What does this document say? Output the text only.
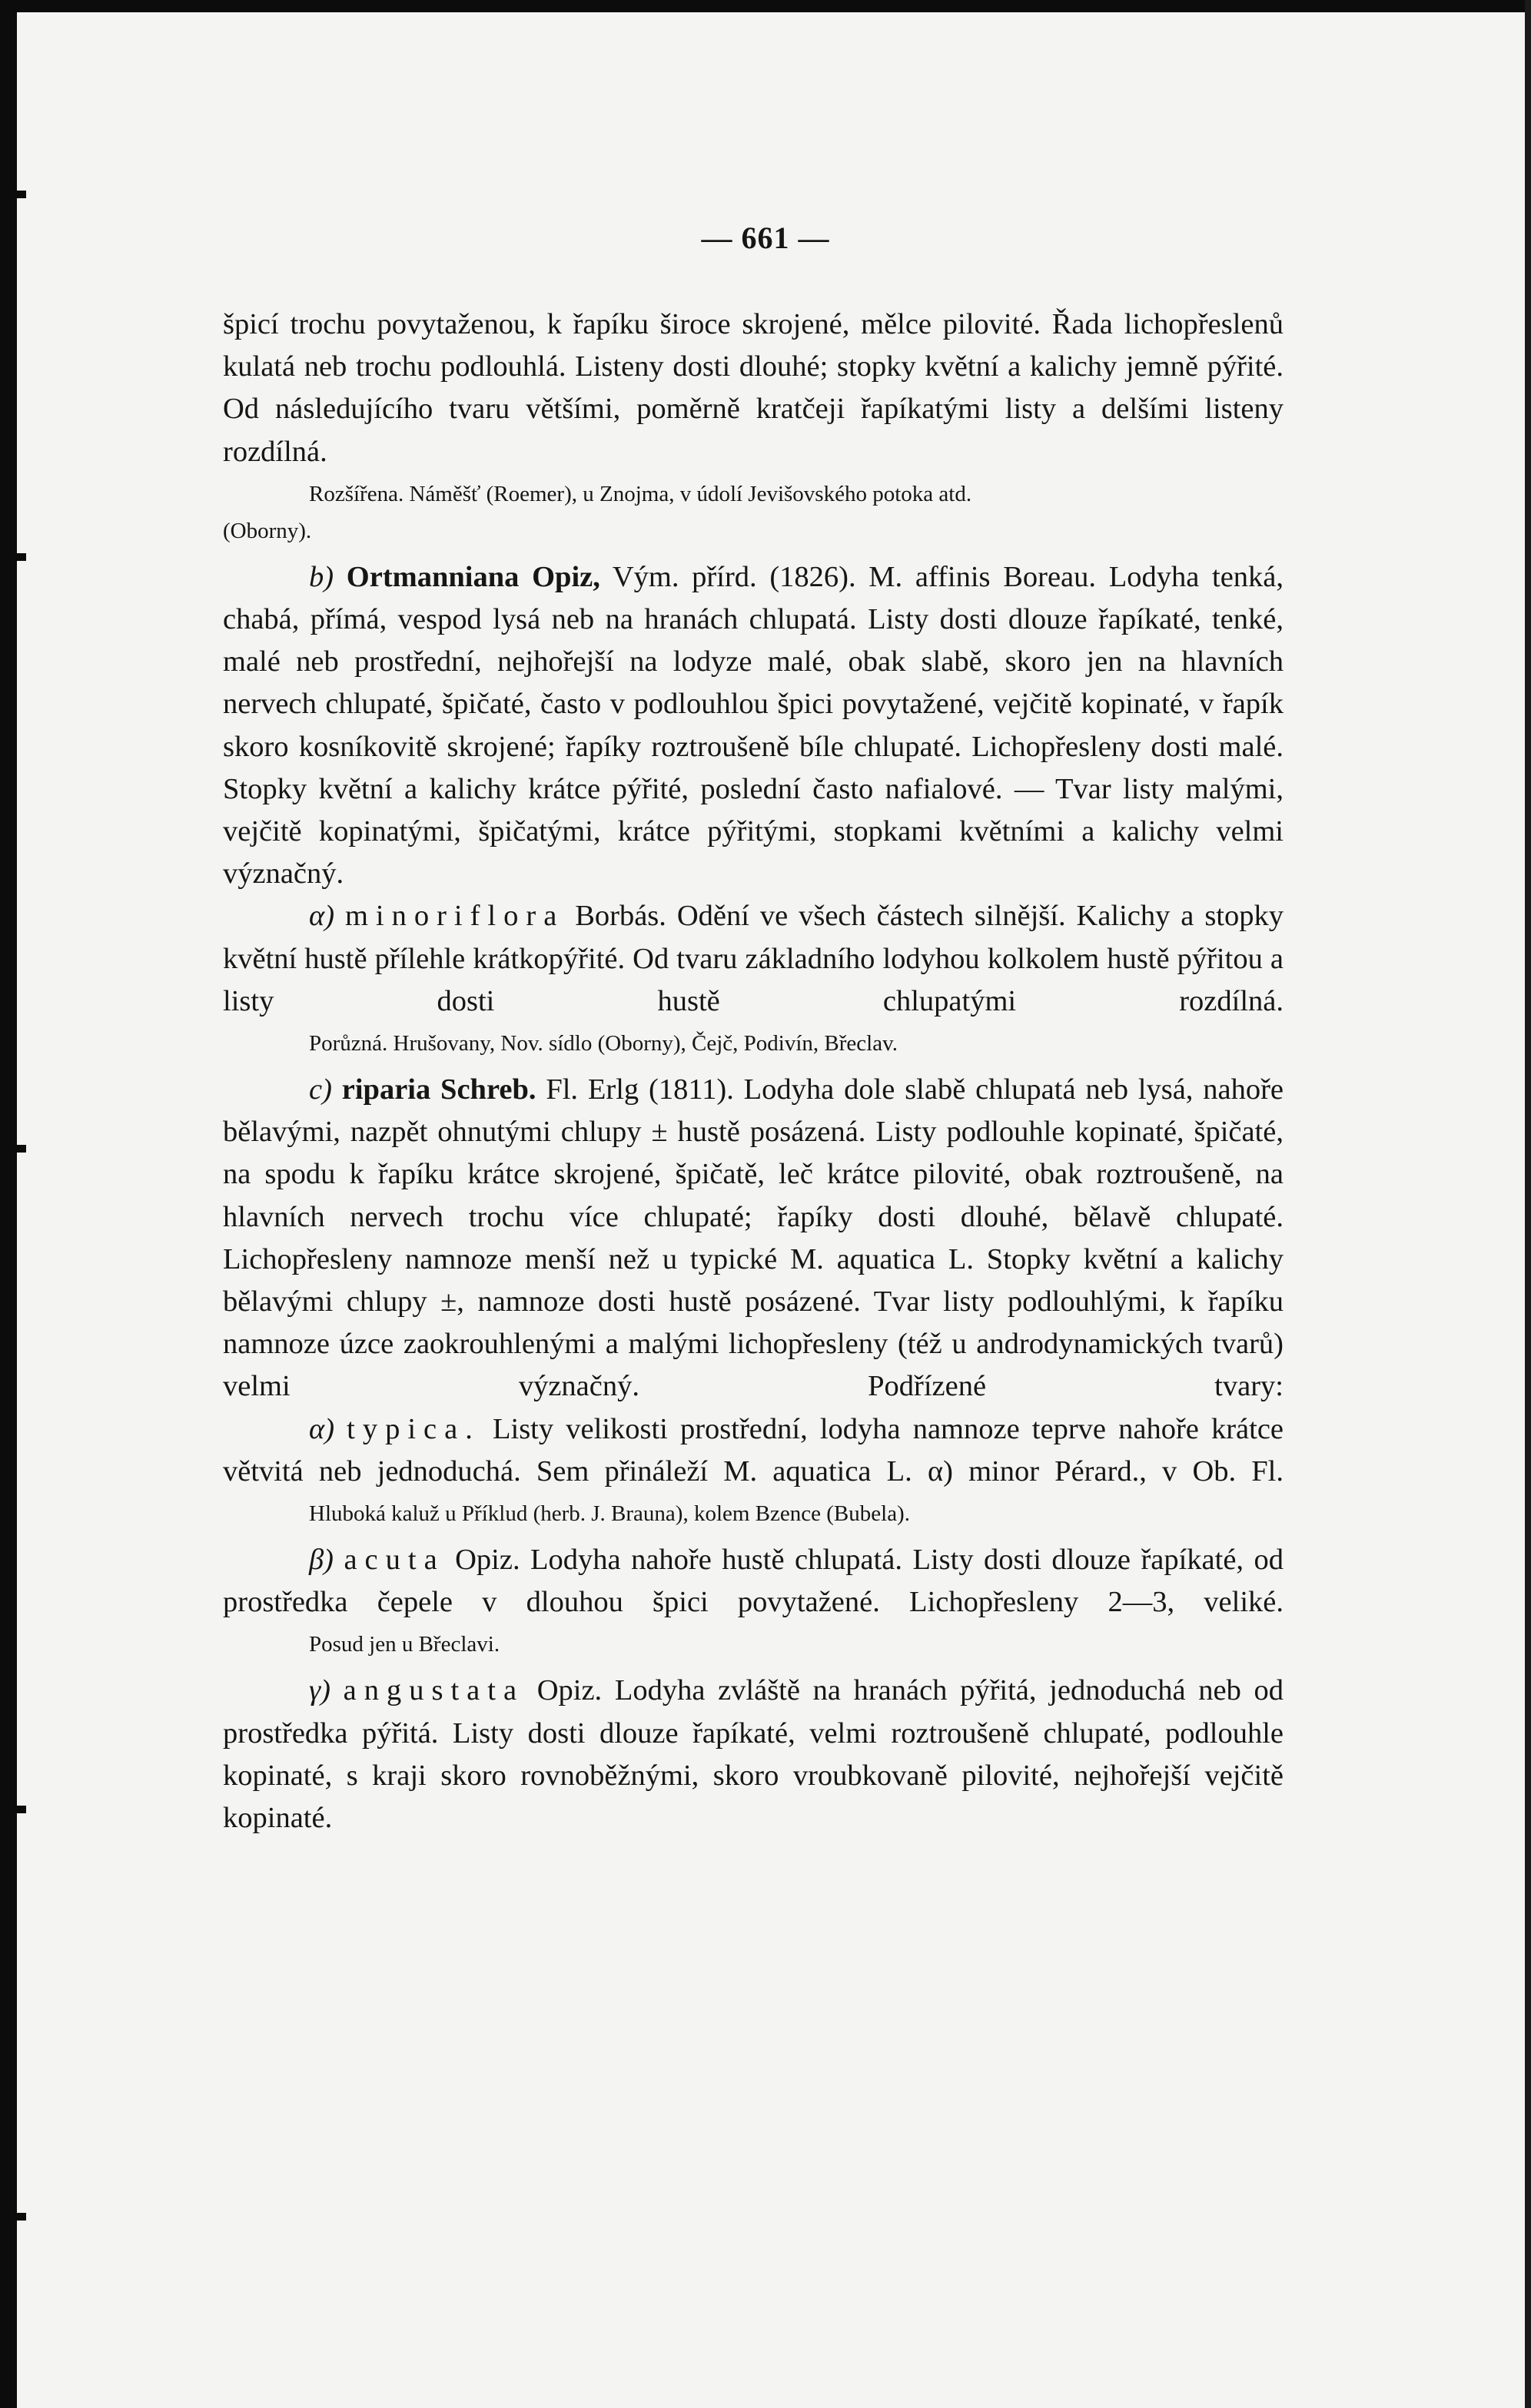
— 661 —

špicí trochu povytaženou, k řapíku široce skrojené, mělce pilovité. Řada lichopřeslenů kulatá neb trochu podlouhlá. Listeny dosti dlouhé; stopky květní a kalichy jemně pýřité. Od následujícího tvaru většími, poměrně kratčeji řapíkatými listy a delšími listeny rozdílná.

Rozšířena. Náměšť (Roemer), u Znojma, v údolí Jevišovského potoka atd.

(Oborny).

b) Ortmanniana Opiz, Vým. přírd. (1826). M. affinis Boreau. Lodyha tenká, chabá, přímá, vespod lysá neb na hranách chlupatá. Listy dosti dlouze řapíkaté, tenké, malé neb prostřední, nejhořejší na lodyze malé, obak slabě, skoro jen na hlavních nervech chlupaté, špičaté, často v podlouhlou špici povytažené, vejčitě kopinaté, v řapík skoro kosníkovitě skrojené; řapíky roztroušeně bíle chlupaté. Lichopřesleny dosti malé. Stopky květní a kalichy krátce pýřité, poslední často nafialové. — Tvar listy malými, vejčitě kopinatými, špičatými, krátce pýřitými, stopkami květními a kalichy velmi význačný.

α) minoriflora Borbás. Odění ve všech částech silnější. Kalichy a stopky květní hustě přílehle krátkopýřité. Od tvaru základního lodyhou kolkolem hustě pýřitou a listy dosti hustě chlupatými rozdílná.

Porůzná. Hrušovany, Nov. sídlo (Oborny), Čejč, Podivín, Břeclav.

c) riparia Schreb. Fl. Erlg (1811). Lodyha dole slabě chlupatá neb lysá, nahoře bělavými, nazpět ohnutými chlupy ± hustě posázená. Listy podlouhle kopinaté, špičaté, na spodu k řapíku krátce skrojené, špičatě, leč krátce pilovité, obak roztroušeně, na hlavních nervech trochu více chlupaté; řapíky dosti dlouhé, bělavě chlupaté. Lichopřesleny namnoze menší než u typické M. aquatica L. Stopky květní a kalichy bělavými chlupy ±, namnoze dosti hustě posázené. Tvar listy podlouhlými, k řapíku namnoze úzce zaokrouhlenými a malými lichopřesleny (též u androdynamických tvarů) velmi význačný. Podřízené tvary:

α) typica. Listy velikosti prostřední, lodyha namnoze teprve nahoře krátce větvitá neb jednoduchá. Sem přináleží M. aquatica L. α) minor Pérard., v Ob. Fl.

Hluboká kaluž u Příklud (herb. J. Brauna), kolem Bzence (Bubela).

β) acuta Opiz. Lodyha nahoře hustě chlupatá. Listy dosti dlouze řapíkaté, od prostředka čepele v dlouhou špici povytažené. Lichopřesleny 2—3, veliké.

Posud jen u Břeclavi.

γ) angustata Opiz. Lodyha zvláště na hranách pýřitá, jednoduchá neb od prostředka pýřitá. Listy dosti dlouze řapíkaté, velmi roztroušeně chlupaté, podlouhle kopinaté, s kraji skoro rovnoběžnými, skoro vroubkovaně pilovité, nejhořejší vejčitě kopinaté.
